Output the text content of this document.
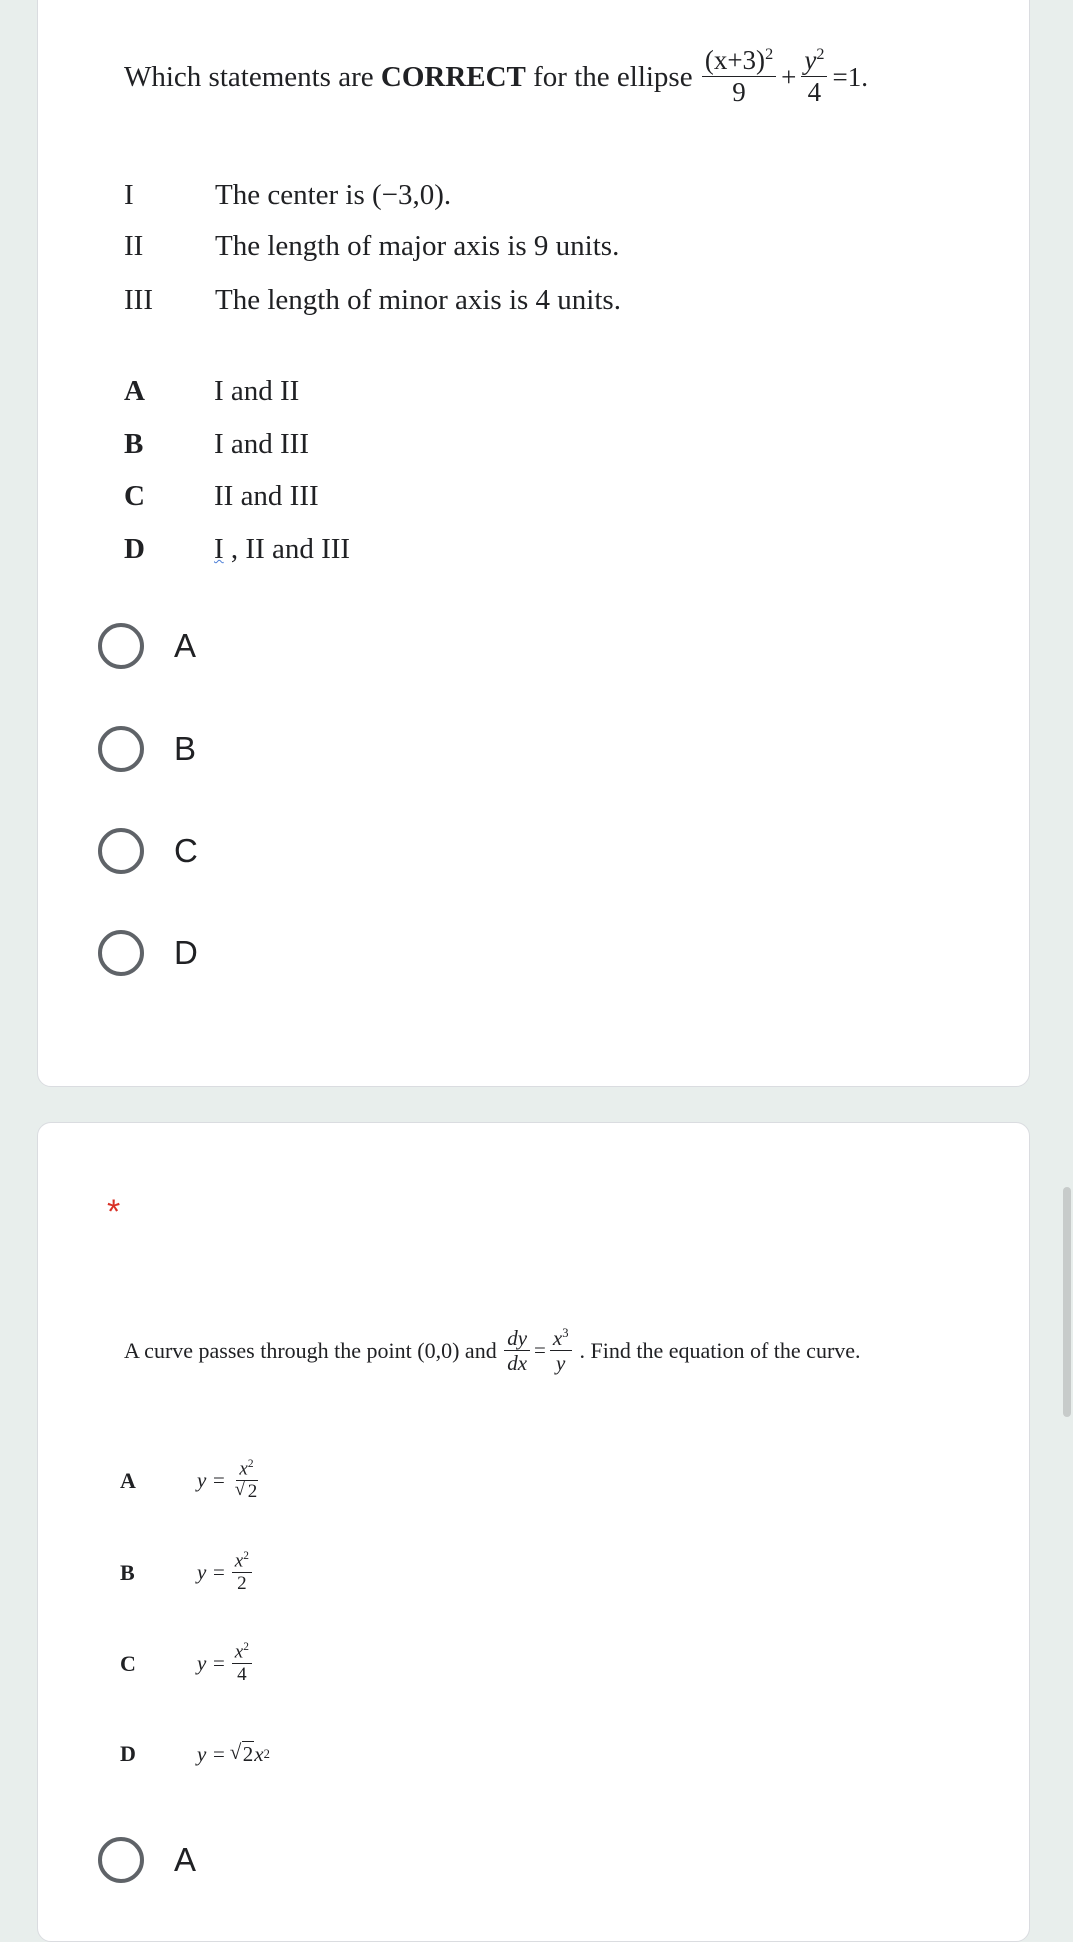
Which statements are CORRECT for the ellipse $\frac{(x+3)^2}{9} + \frac{y^2}{4} =1$.
I	The center is (−3,0).
II The length of major axis is 9 units.
III The length of minor axis is 4 units.
A I and II
B I and III
C II and III
D I , II and III
A
B
C
D
*
A curve passes through the point (0,0) and $\frac{dy}{dx} = \frac{x^3}{y}$ . Find the equation of the curve.
A	$y = x^2$
√ 2
B	$y = \frac{x^2}{2}$
C	$y = \frac{x^2}{4}$
D	y =
√ 2 x 2
A
